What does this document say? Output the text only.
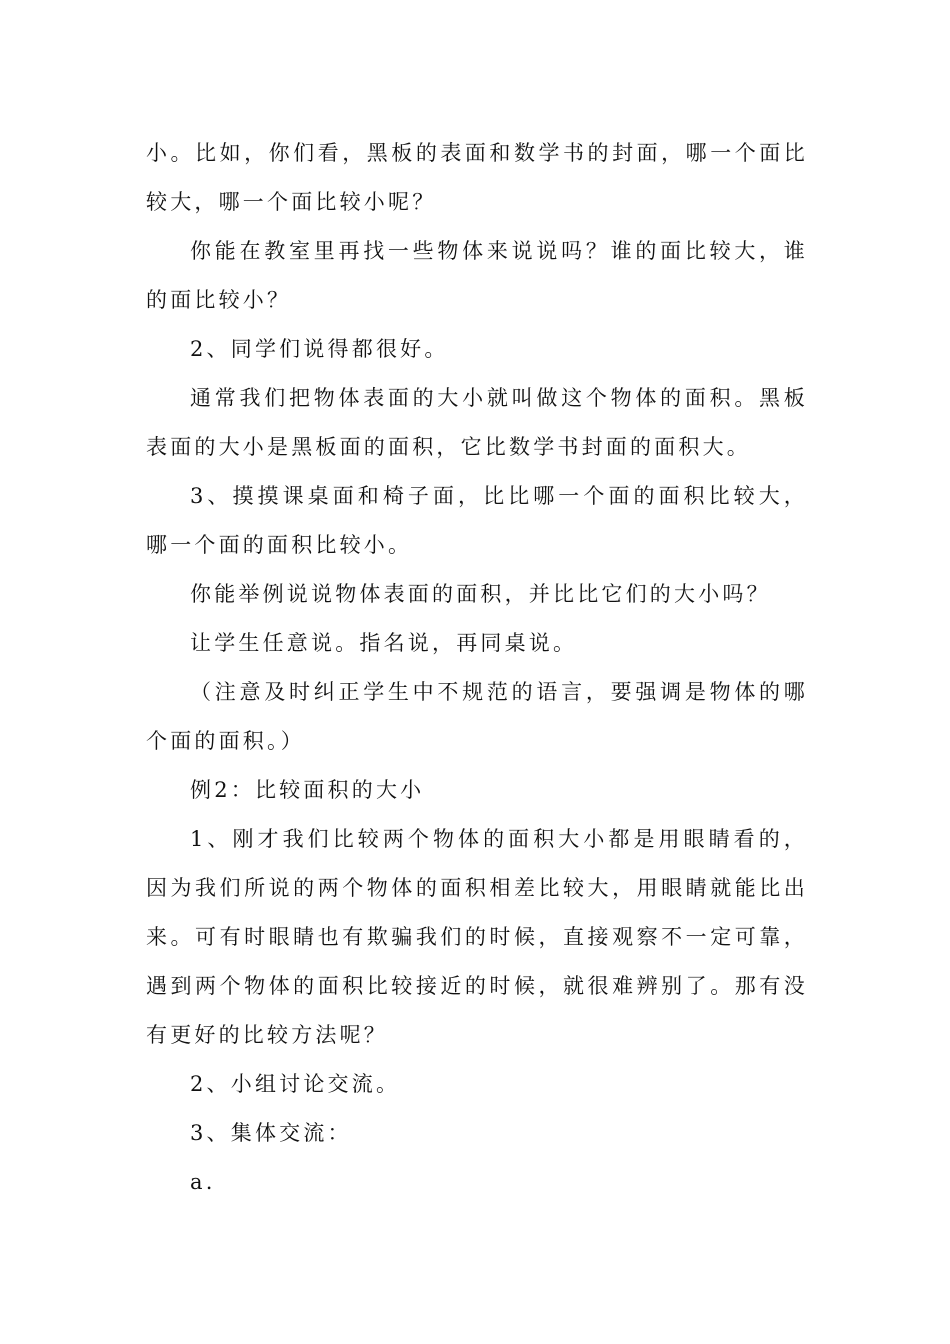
小。比如，你们看，黑板的表面和数学书的封面，哪一个面比较大，哪一个面比较小呢？

你能在教室里再找一些物体来说说吗？谁的面比较大，谁的面比较小？

2、同学们说得都很好。

通常我们把物体表面的大小就叫做这个物体的面积。黑板表面的大小是黑板面的面积，它比数学书封面的面积大。

3、摸摸课桌面和椅子面，比比哪一个面的面积比较大，哪一个面的面积比较小。

你能举例说说物体表面的面积，并比比它们的大小吗？

让学生任意说。指名说，再同桌说。

（注意及时纠正学生中不规范的语言，要强调是物体的哪个面的面积。）

例2：比较面积的大小

1、刚才我们比较两个物体的面积大小都是用眼睛看的，因为我们所说的两个物体的面积相差比较大，用眼睛就能比出来。可有时眼睛也有欺骗我们的时候，直接观察不一定可靠，遇到两个物体的面积比较接近的时候，就很难辨别了。那有没有更好的比较方法呢？

2、小组讨论交流。

3、集体交流：

a.
